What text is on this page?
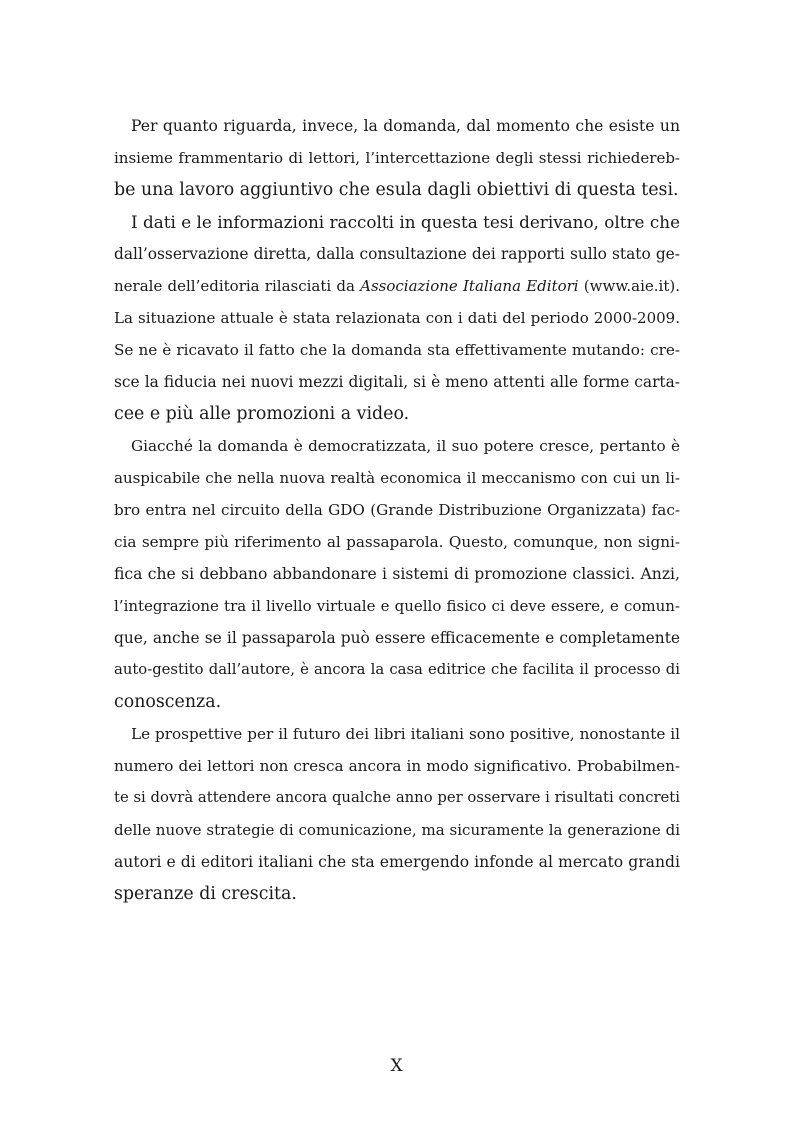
Per quanto riguarda, invece, la domanda, dal momento che esiste un
insieme frammentario di lettori, l’intercettazione degli stessi richiedereb-
be una lavoro aggiuntivo che esula dagli obiettivi di questa tesi.
I dati e le informazioni raccolti in questa tesi derivano, oltre che
dall’osservazione diretta, dalla consultazione dei rapporti sullo stato ge-
nerale dell’editoria rilasciati da Associazione Italiana Editori (www.aie.it).
La situazione attuale è stata relazionata con i dati del periodo 2000-2009.
Se ne è ricavato il fatto che la domanda sta effettivamente mutando: cre-
sce la fiducia nei nuovi mezzi digitali, si è meno attenti alle forme carta-
cee e più alle promozioni a video.
Giacché la domanda è democratizzata, il suo potere cresce, pertanto è
auspicabile che nella nuova realtà economica il meccanismo con cui un li-
bro entra nel circuito della GDO (Grande Distribuzione Organizzata) fac-
cia sempre più riferimento al passaparola. Questo, comunque, non signi-
fica che si debbano abbandonare i sistemi di promozione classici. Anzi,
l’integrazione tra il livello virtuale e quello fisico ci deve essere, e comun-
que, anche se il passaparola può essere efficacemente e completamente
auto-gestito dall’autore, è ancora la casa editrice che facilita il processo di
conoscenza.
Le prospettive per il futuro dei libri italiani sono positive, nonostante il
numero dei lettori non cresca ancora in modo significativo. Probabilmen-
te si dovrà attendere ancora qualche anno per osservare i risultati concreti
delle nuove strategie di comunicazione, ma sicuramente la generazione di
autori e di editori italiani che sta emergendo infonde al mercato grandi
speranze di crescita.
X
